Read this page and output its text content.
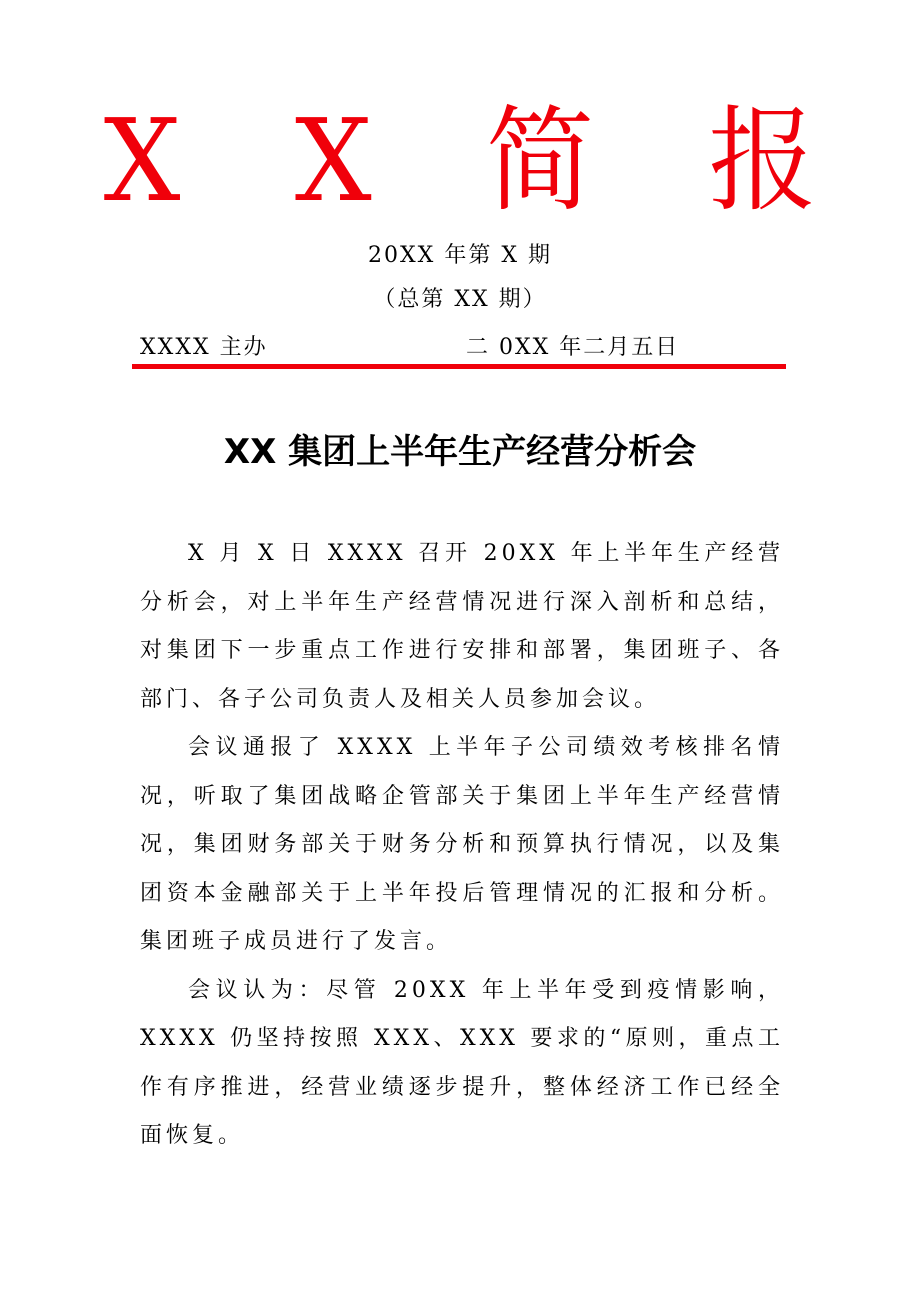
X X 简 报
20XX 年第 X 期
（总第 XX 期）
XXXX 主办	二 0XX 年二月五日
XX 集团上半年生产经营分析会

X 月 X 日 XXXX 召开 20XX 年上半年生产经营分析会，对上半年生产经营情况进行深入剖析和总结，对集团下一步重点工作进行安排和部署，集团班子、各部门、各子公司负责人及相关人员参加会议。

会议通报了 XXXX 上半年子公司绩效考核排名情况，听取了集团战略企管部关于集团上半年生产经营情况，集团财务部关于财务分析和预算执行情况，以及集团资本金融部关于上半年投后管理情况的汇报和分析。集团班子成员进行了发言。

会议认为：尽管 20XX 年上半年受到疫情影响，XXXX 仍坚持按照 XXX、XXX 要求的“原则，重点工作有序推进，经营业绩逐步提升，整体经济工作已经全面恢复。
